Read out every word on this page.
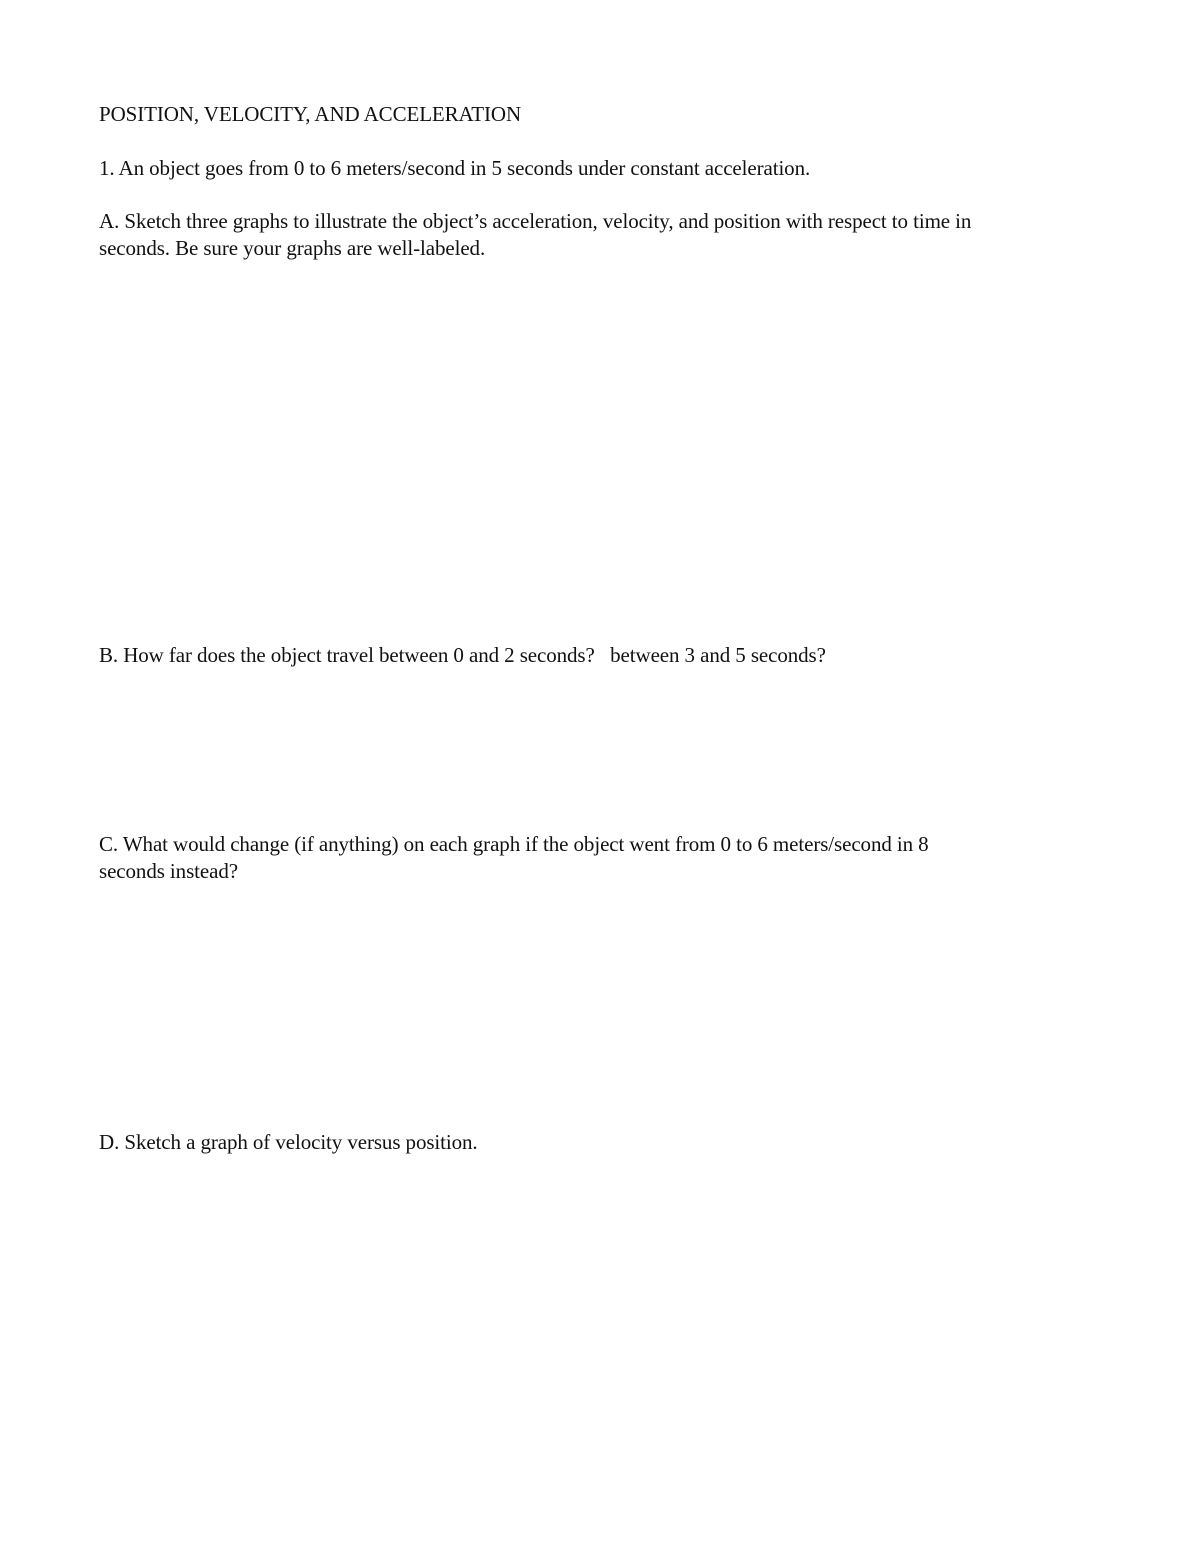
POSITION, VELOCITY, AND ACCELERATION
1. An object goes from 0 to 6 meters/second in 5 seconds under constant acceleration.
A. Sketch three graphs to illustrate the object’s acceleration, velocity, and position with respect to time in
seconds. Be sure your graphs are well-labeled.
B. How far does the object travel between 0 and 2 seconds?   between 3 and 5 seconds?
C. What would change (if anything) on each graph if the object went from 0 to 6 meters/second in 8
seconds instead?
D. Sketch a graph of velocity versus position.
